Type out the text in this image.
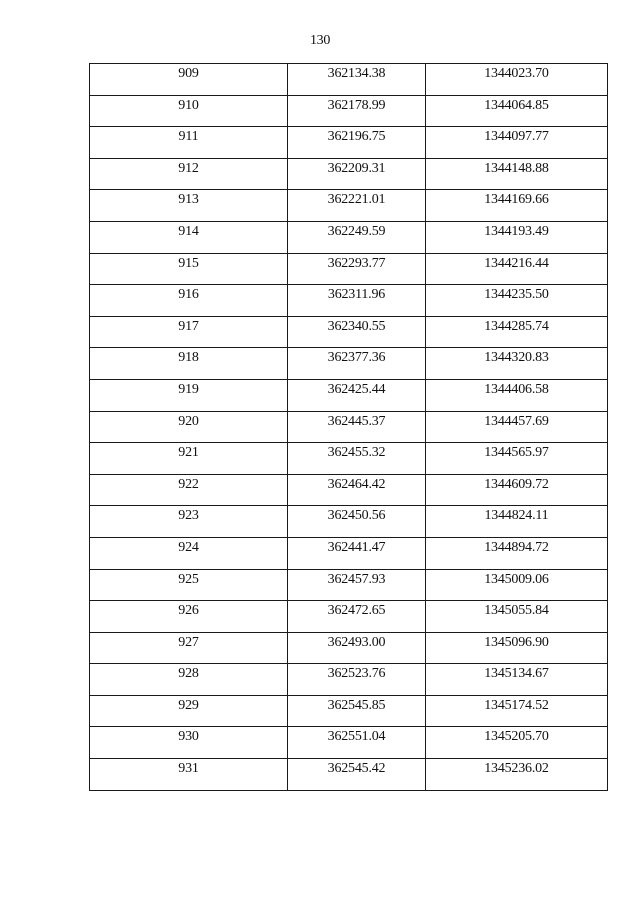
130
909	362134.38	1344023.70
910	362178.99	1344064.85
911	362196.75	1344097.77
912	362209.31	1344148.88
913	362221.01	1344169.66
914	362249.59	1344193.49
915	362293.77	1344216.44
916	362311.96	1344235.50
917	362340.55	1344285.74
918	362377.36	1344320.83
919	362425.44	1344406.58
920	362445.37	1344457.69
921	362455.32	1344565.97
922	362464.42	1344609.72
923	362450.56	1344824.11
924	362441.47	1344894.72
925	362457.93	1345009.06
926	362472.65	1345055.84
927	362493.00	1345096.90
928	362523.76	1345134.67
929	362545.85	1345174.52
930	362551.04	1345205.70
931	362545.42	1345236.02
